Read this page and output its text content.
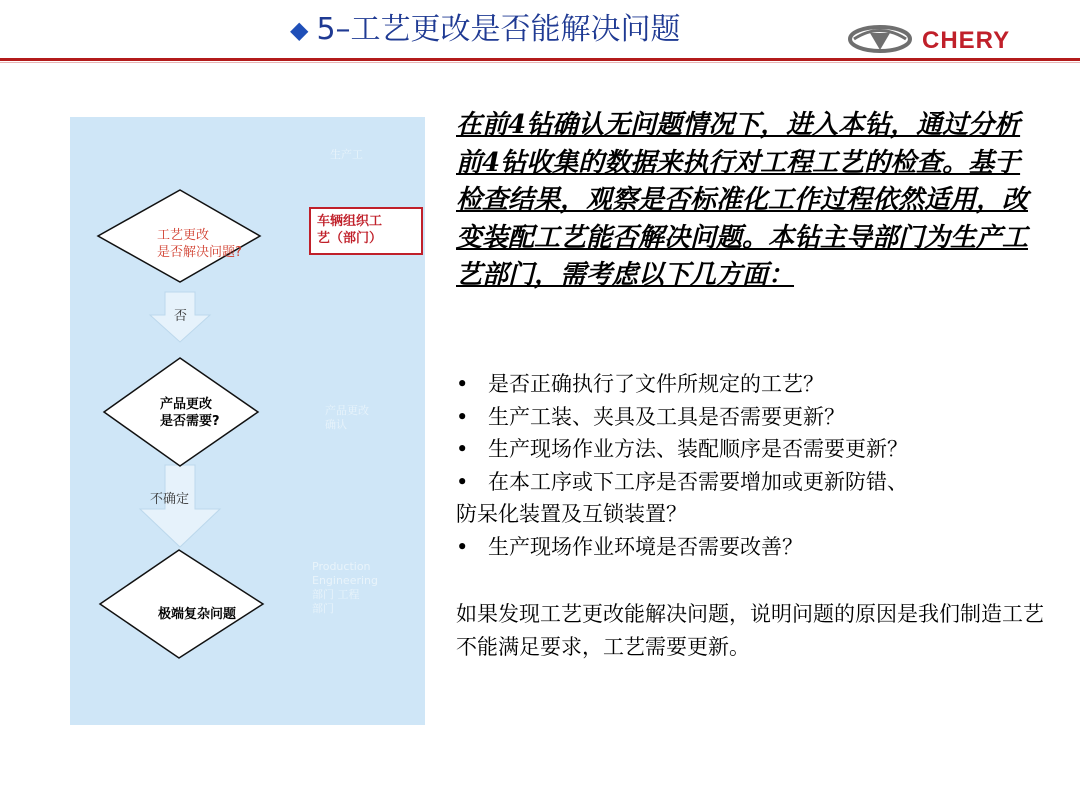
◆ 5–工艺更改是否能解决问题	CHERY
工艺更改
是否解决问题?
否
产品更改
是否需要?
不确定
极端复杂问题
生产工
产品更改
确认
Production
Engineering
部门 工程
部门
车辆组织工
艺（部门）
在前4钻确认无问题情况下，进入本钻，通过分析前4钻收集的数据来执行对工程工艺的检查。基于检查结果，观察是否标准化工作过程依然适用，改变装配工艺能否解决问题。本钻主导部门为生产工艺部门，需考虑以下几方面：
• 是否正确执行了文件所规定的工艺？
• 生产工装、夹具及工具是否需要更新？
• 生产现场作业方法、装配顺序是否需要更新？
• 在本工序或下工序是否需要增加或更新防错、
防呆化装置及互锁装置？
• 生产现场作业环境是否需要改善？
如果发现工艺更改能解决问题，说明问题的原因是我们制造工艺不能满足要求，工艺需要更新。
